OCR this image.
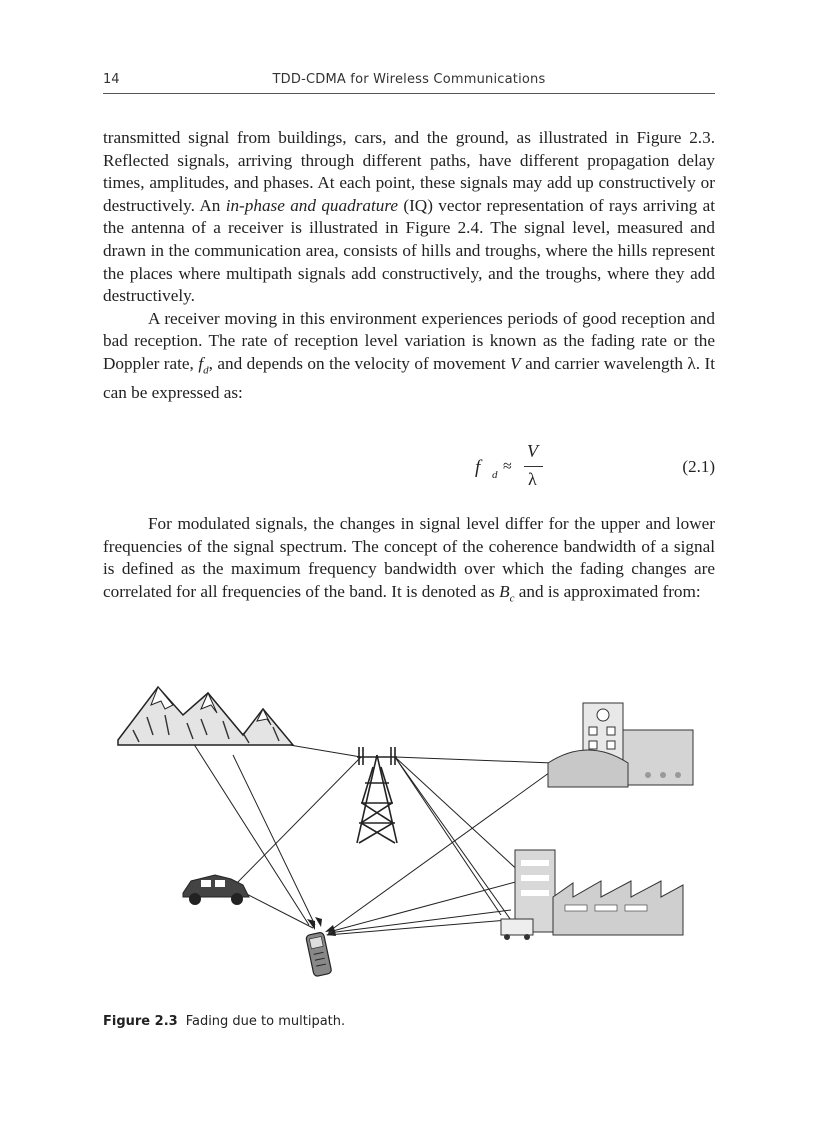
14	TDD-CDMA for Wireless Communications

transmitted signal from buildings, cars, and the ground, as illustrated in Figure 2.3. Reflected signals, arriving through different paths, have different propagation delay times, amplitudes, and phases. At each point, these signals may add up constructively or destructively. An in-phase and quadrature (IQ) vector representation of rays arriving at the antenna of a receiver is illustrated in Figure 2.4. The signal level, measured and drawn in the communication area, consists of hills and troughs, where the hills represent the places where multipath signals add constructively, and the troughs, where they add destructively.

A receiver moving in this environment experiences periods of good reception and bad reception. The rate of reception level variation is known as the fading rate or the Doppler rate, $f_d$, and depends on the velocity of movement V and carrier wavelength λ. It can be expressed as:

f d ≈
V
λ
(2.1)

For modulated signals, the changes in signal level differ for the upper and lower frequencies of the signal spectrum. The concept of the coherence bandwidth of a signal is defined as the maximum frequency bandwidth over which the fading changes are correlated for all frequencies of the band. It is denoted as $B_c$ and is approximated from:

Figure 2.3 Fading due to multipath.
